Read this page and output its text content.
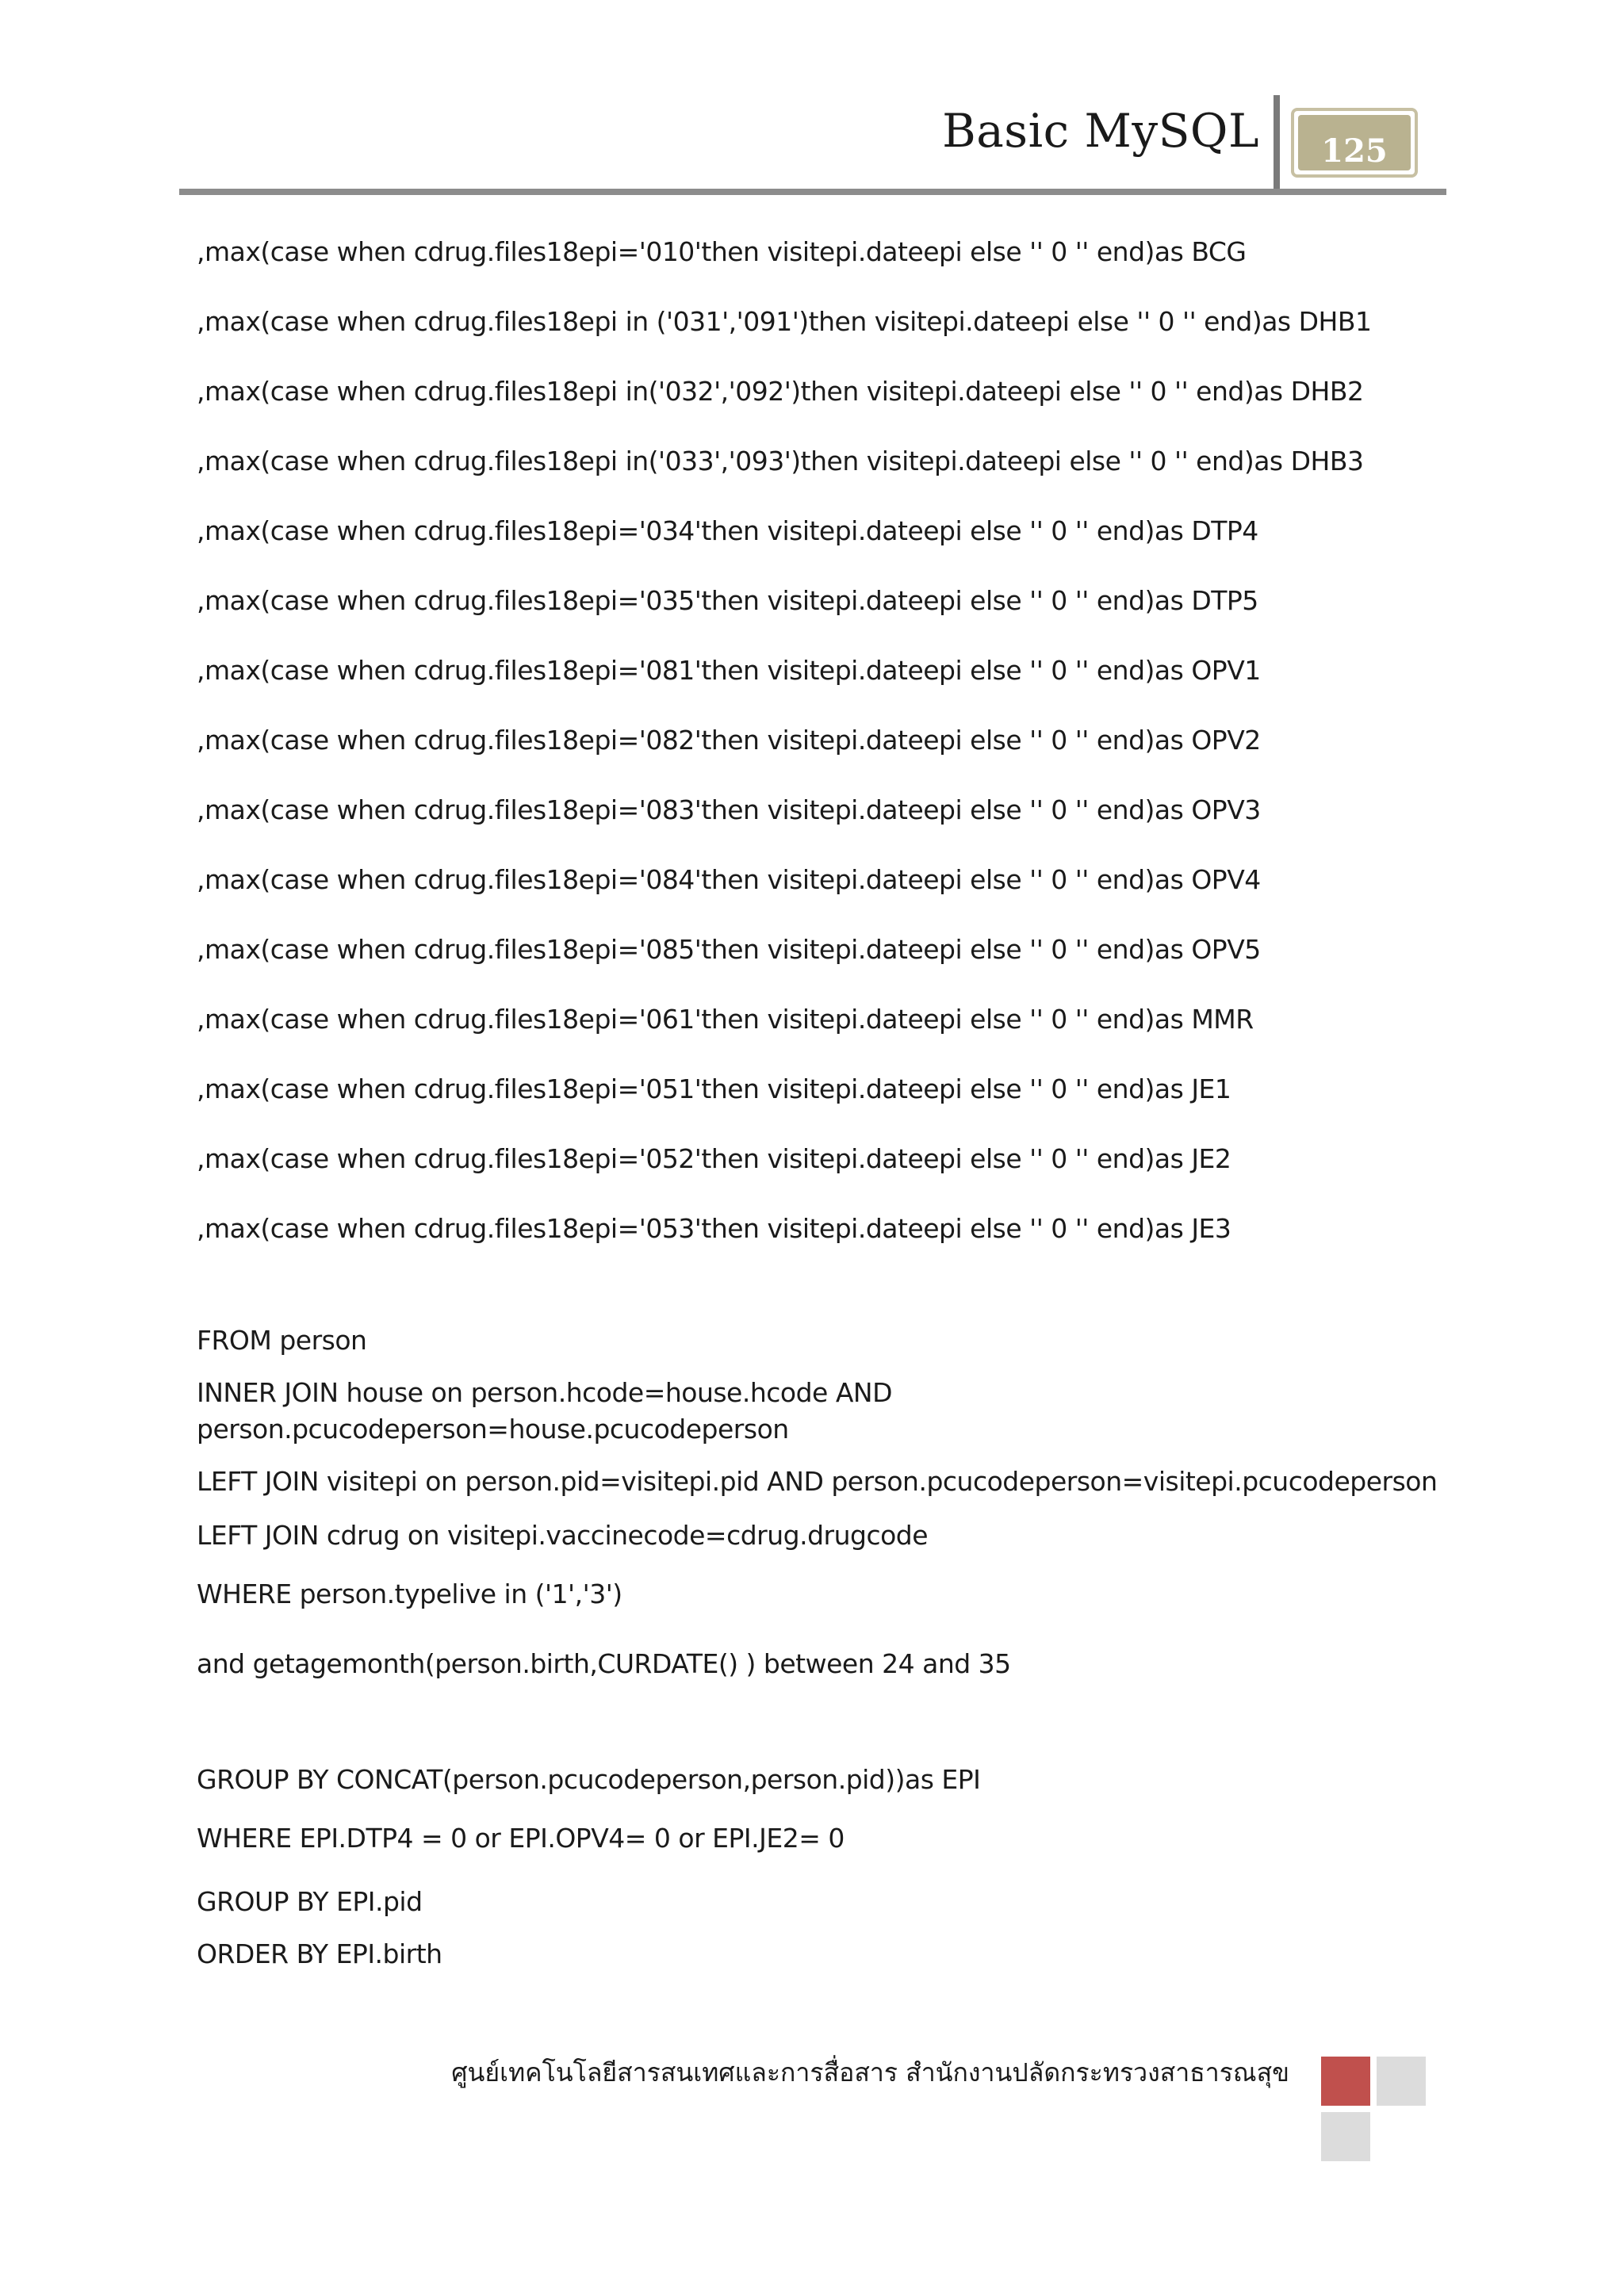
Basic MySQL 125
,max(case when cdrug.files18epi='010'then visitepi.dateepi else '' 0 '' end)as BCG
,max(case when cdrug.files18epi in ('031','091')then visitepi.dateepi else '' 0 '' end)as DHB1
,max(case when cdrug.files18epi in('032','092')then visitepi.dateepi else '' 0 '' end)as DHB2
,max(case when cdrug.files18epi in('033','093')then visitepi.dateepi else '' 0 '' end)as DHB3
,max(case when cdrug.files18epi='034'then visitepi.dateepi else '' 0 '' end)as DTP4
,max(case when cdrug.files18epi='035'then visitepi.dateepi else '' 0 '' end)as DTP5
,max(case when cdrug.files18epi='081'then visitepi.dateepi else '' 0 '' end)as OPV1
,max(case when cdrug.files18epi='082'then visitepi.dateepi else '' 0 '' end)as OPV2
,max(case when cdrug.files18epi='083'then visitepi.dateepi else '' 0 '' end)as OPV3
,max(case when cdrug.files18epi='084'then visitepi.dateepi else '' 0 '' end)as OPV4
,max(case when cdrug.files18epi='085'then visitepi.dateepi else '' 0 '' end)as OPV5
,max(case when cdrug.files18epi='061'then visitepi.dateepi else '' 0 '' end)as MMR
,max(case when cdrug.files18epi='051'then visitepi.dateepi else '' 0 '' end)as JE1
,max(case when cdrug.files18epi='052'then visitepi.dateepi else '' 0 '' end)as JE2
,max(case when cdrug.files18epi='053'then visitepi.dateepi else '' 0 '' end)as JE3
FROM person
INNER JOIN house on person.hcode=house.hcode AND person.pcucodeperson=house.pcucodeperson
LEFT JOIN visitepi on person.pid=visitepi.pid AND person.pcucodeperson=visitepi.pcucodeperson
LEFT JOIN cdrug on visitepi.vaccinecode=cdrug.drugcode
WHERE person.typelive in ('1','3')
and getagemonth(person.birth,CURDATE() ) between 24 and 35
GROUP BY CONCAT(person.pcucodeperson,person.pid))as EPI
WHERE EPI.DTP4 = 0 or EPI.OPV4= 0 or EPI.JE2= 0
GROUP BY EPI.pid
ORDER BY EPI.birth
ศูนย์เทคโนโลยีสารสนเทศและการสื่อสาร สำนักงานปลัดกระทรวงสาธารณสุข
